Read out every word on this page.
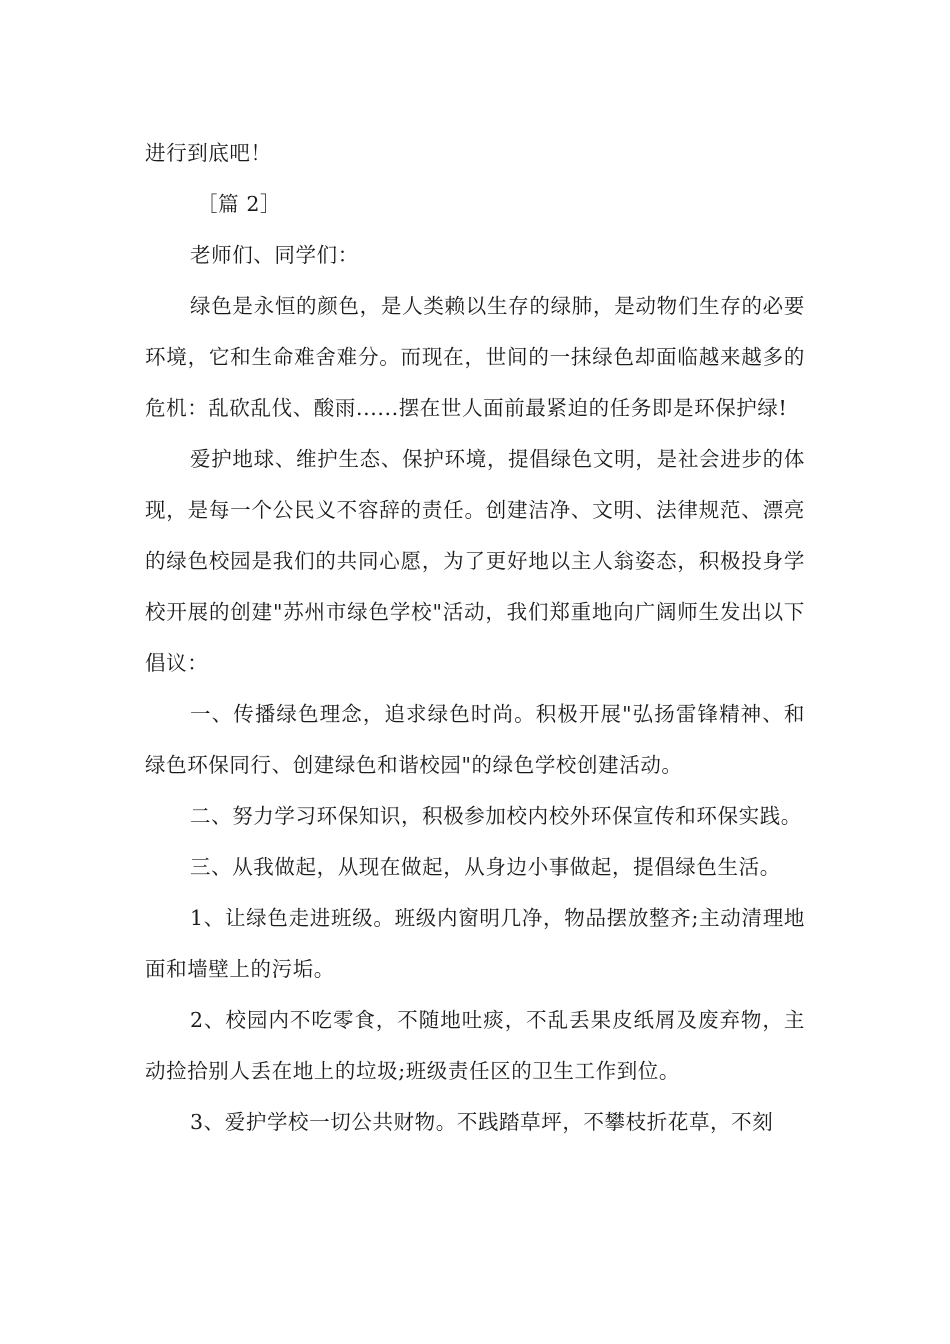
进行到底吧！

［篇 2］

老师们、同学们：

绿色是永恒的颜色，是人类赖以生存的绿肺，是动物们生存的必要环境，它和生命难舍难分。而现在，世间的一抹绿色却面临越来越多的危机：乱砍乱伐、酸雨......摆在世人面前最紧迫的任务即是环保护绿!

爱护地球、维护生态、保护环境，提倡绿色文明，是社会进步的体现，是每一个公民义不容辞的责任。创建洁净、文明、法律规范、漂亮的绿色校园是我们的共同心愿，为了更好地以主人翁姿态，积极投身学校开展的创建"苏州市绿色学校"活动，我们郑重地向广阔师生发出以下倡议：

一、传播绿色理念，追求绿色时尚。积极开展"弘扬雷锋精神、和绿色环保同行、创建绿色和谐校园"的绿色学校创建活动。

二、努力学习环保知识，积极参加校内校外环保宣传和环保实践。

三、从我做起，从现在做起，从身边小事做起，提倡绿色生活。

1、让绿色走进班级。班级内窗明几净，物品摆放整齐;主动清理地面和墙壁上的污垢。

2、校园内不吃零食，不随地吐痰，不乱丢果皮纸屑及废弃物，主动捡拾别人丢在地上的垃圾;班级责任区的卫生工作到位。

3、爱护学校一切公共财物。不践踏草坪，不攀枝折花草，不刻
